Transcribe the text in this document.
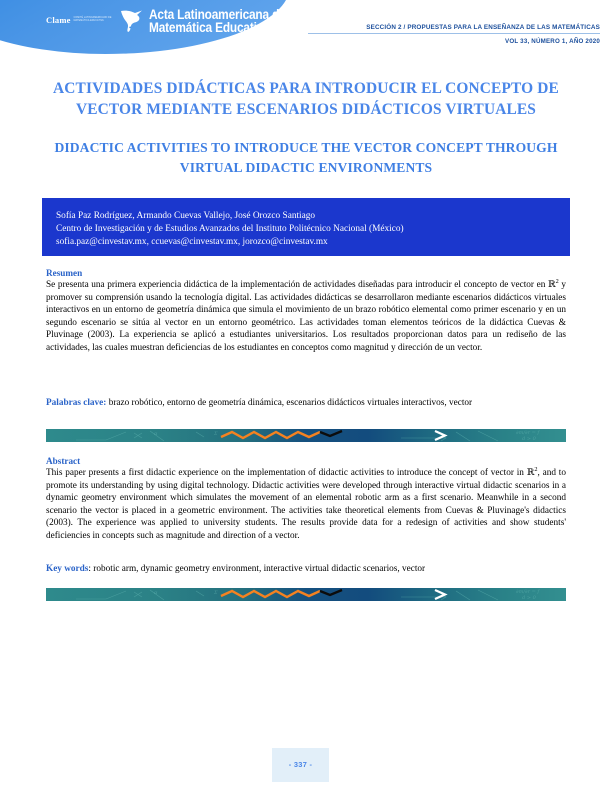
Clame COMITÉ LATINOAMERICANO DE MATEMÁTICA EDUCATIVA	Acta Latinoamericana de
Matemática Educativa	SECCIÓN 2 / PROPUESTAS PARA LA ENSEÑANZA DE LAS MATEMÁTICAS
VOL 33, NÚMERO 1, AÑO 2020
ACTIVIDADES DIDÁCTICAS PARA INTRODUCIR EL CONCEPTO DE VECTOR MEDIANTE ESCENARIOS DIDÁCTICOS VIRTUALES
DIDACTIC ACTIVITIES TO INTRODUCE THE VECTOR CONCEPT THROUGH VIRTUAL DIDACTIC ENVIRONMENTS
Sofía Paz Rodríguez, Armando Cuevas Vallejo, José Orozco Santiago
Centro de Investigación y de Estudios Avanzados del Instituto Politécnico Nacional (México)
sofia.paz@cinvestav.mx, ccuevas@cinvestav.mx, jorozco@cinvestav.mx
Resumen
Se presenta una primera experiencia didáctica de la implementación de actividades diseñadas para introducir el concepto de vector en ℝ$^2$ y promover su comprensión usando la tecnología digital. Las actividades didácticas se desarrollaron mediante escenarios didácticos virtuales interactivos en un entorno de geometría dinámica que simula el movimiento de un brazo robótico elemental como primer escenario y en un segundo escenario se sitúa al vector en un entorno geométrico. Las actividades toman elementos teóricos de la didáctica Cuevas & Pluvinage (2003). La experiencia se aplicó a estudiantes universitarios. Los resultados proporcionan datos para un rediseño de las actividades, las cuales muestran deficiencias de los estudiantes en conceptos como magnitud y dirección de un vector.
Palabras clave: brazo robótico, entorno de geometría dinámica, escenarios didácticos virtuales interactivos, vector
∂m/∂r = f
d > 0
α	Σ
Abstract
This paper presents a first didactic experience on the implementation of didactic activities to introduce the concept of vector in ℝ$^2$, and to promote its understanding by using digital technology. Didactic activities were developed through interactive virtual didactic scenarios in a dynamic geometry environment which simulates the movement of an elemental robotic arm as a first scenario. Meanwhile in a second scenario the vector is placed in a geometric environment. The activities take theoretical elements from Cuevas & Pluvinage's didactics (2003). The experience was applied to university students. The results provide data for a redesign of activities and show students' deficiencies in concepts such as magnitude and direction of a vector.
Key words: robotic arm, dynamic geometry environment, interactive virtual didactic scenarios, vector
∂m/∂r = f
d > 0
α	Σ
- 337 -
